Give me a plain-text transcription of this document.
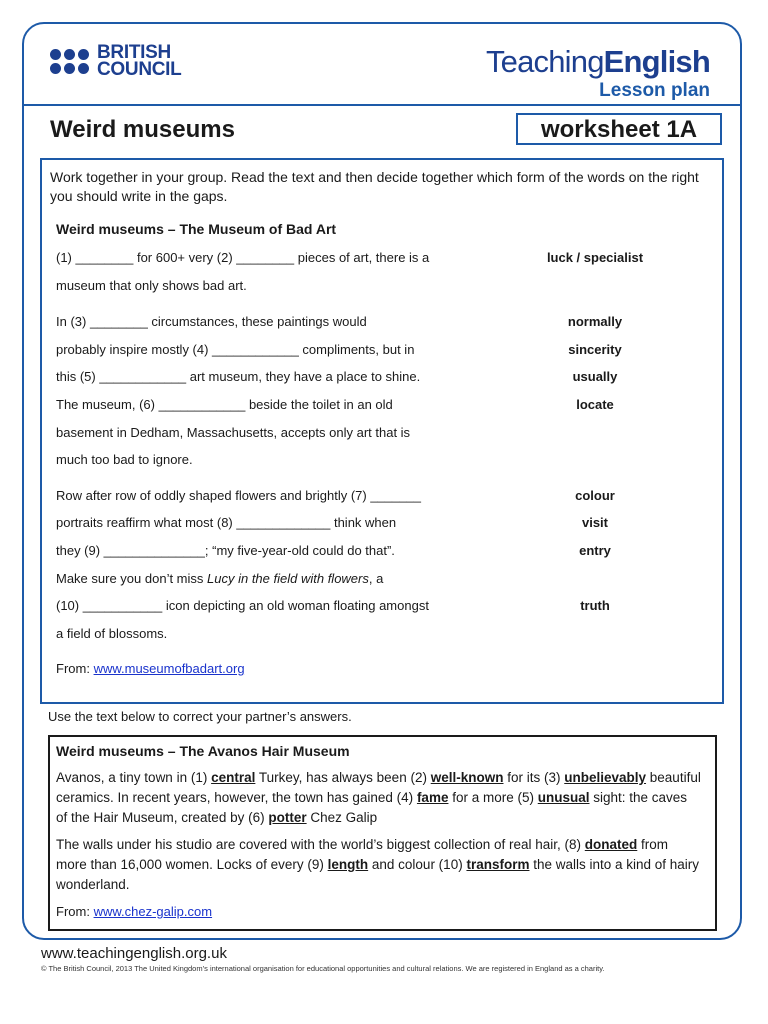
BRITISH
COUNCIL	TeachingEnglish
Lesson plan
Weird museums	worksheet 1A
Work together in your group. Read the text and then decide together which form of the words on the right you should write in the gaps.
Weird museums – The Museum of Bad Art
(1) ________ for 600+ very (2) ________ pieces of art, there is a
museum that only shows bad art.
In (3) ________ circumstances, these paintings would
probably inspire mostly (4) ____________ compliments, but in
this (5) ____________ art museum, they have a place to shine.
The museum, (6) ____________ beside the toilet in an old
basement in Dedham, Massachusetts, accepts only art that is
much too bad to ignore.
Row after row of oddly shaped flowers and brightly (7) _______
portraits reaffirm what most (8) _____________ think when
they (9) ______________; “my five-year-old could do that”.
Make sure you don’t miss Lucy in the field with flowers, a
(10) ___________ icon depicting an old woman floating amongst
a field of blossoms.
luck / specialist
normally
sincerity
usually
locate
colour
visit
entry
truth
From: www.museumofbadart.org
Use the text below to correct your partner’s answers.
Weird museums – The Avanos Hair Museum
Avanos, a tiny town in (1) central Turkey, has always been (2) well-known for its (3) unbelievably beautiful ceramics. In recent years, however, the town has gained (4) fame for a more (5) unusual sight: the caves of the Hair Museum, created by (6) potter Chez Galip
The walls under his studio are covered with the world’s biggest collection of real hair, (8) donated from more than 16,000 women. Locks of every (9) length and colour (10) transform the walls into a kind of hairy wonderland.
From: www.chez-galip.com
www.teachingenglish.org.uk
© The British Council, 2013 The United Kingdom’s international organisation for educational opportunities and cultural relations. We are registered in England as a charity.
